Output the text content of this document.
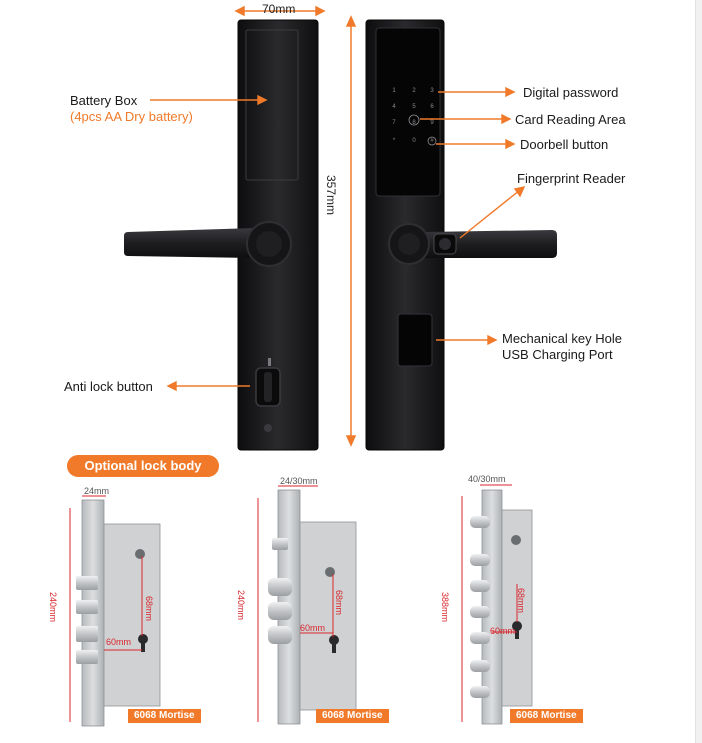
1	2 3
4	5 6
7	8 9
*	0 #
70mm
357mm
Battery Box
(4pcs AA Dry battery)
Digital password
Card Reading Area
Doorbell button
Fingerprint Reader
Mechanical key Hole
USB Charging Port
Anti lock button
Optional lock body
24mm
240mm	68mm
60mm
6068 Mortise
24/30mm
240mm	68mm
60mm
6068 Mortise
40/30mm
388mm	68mm
60mm
6068 Mortise
